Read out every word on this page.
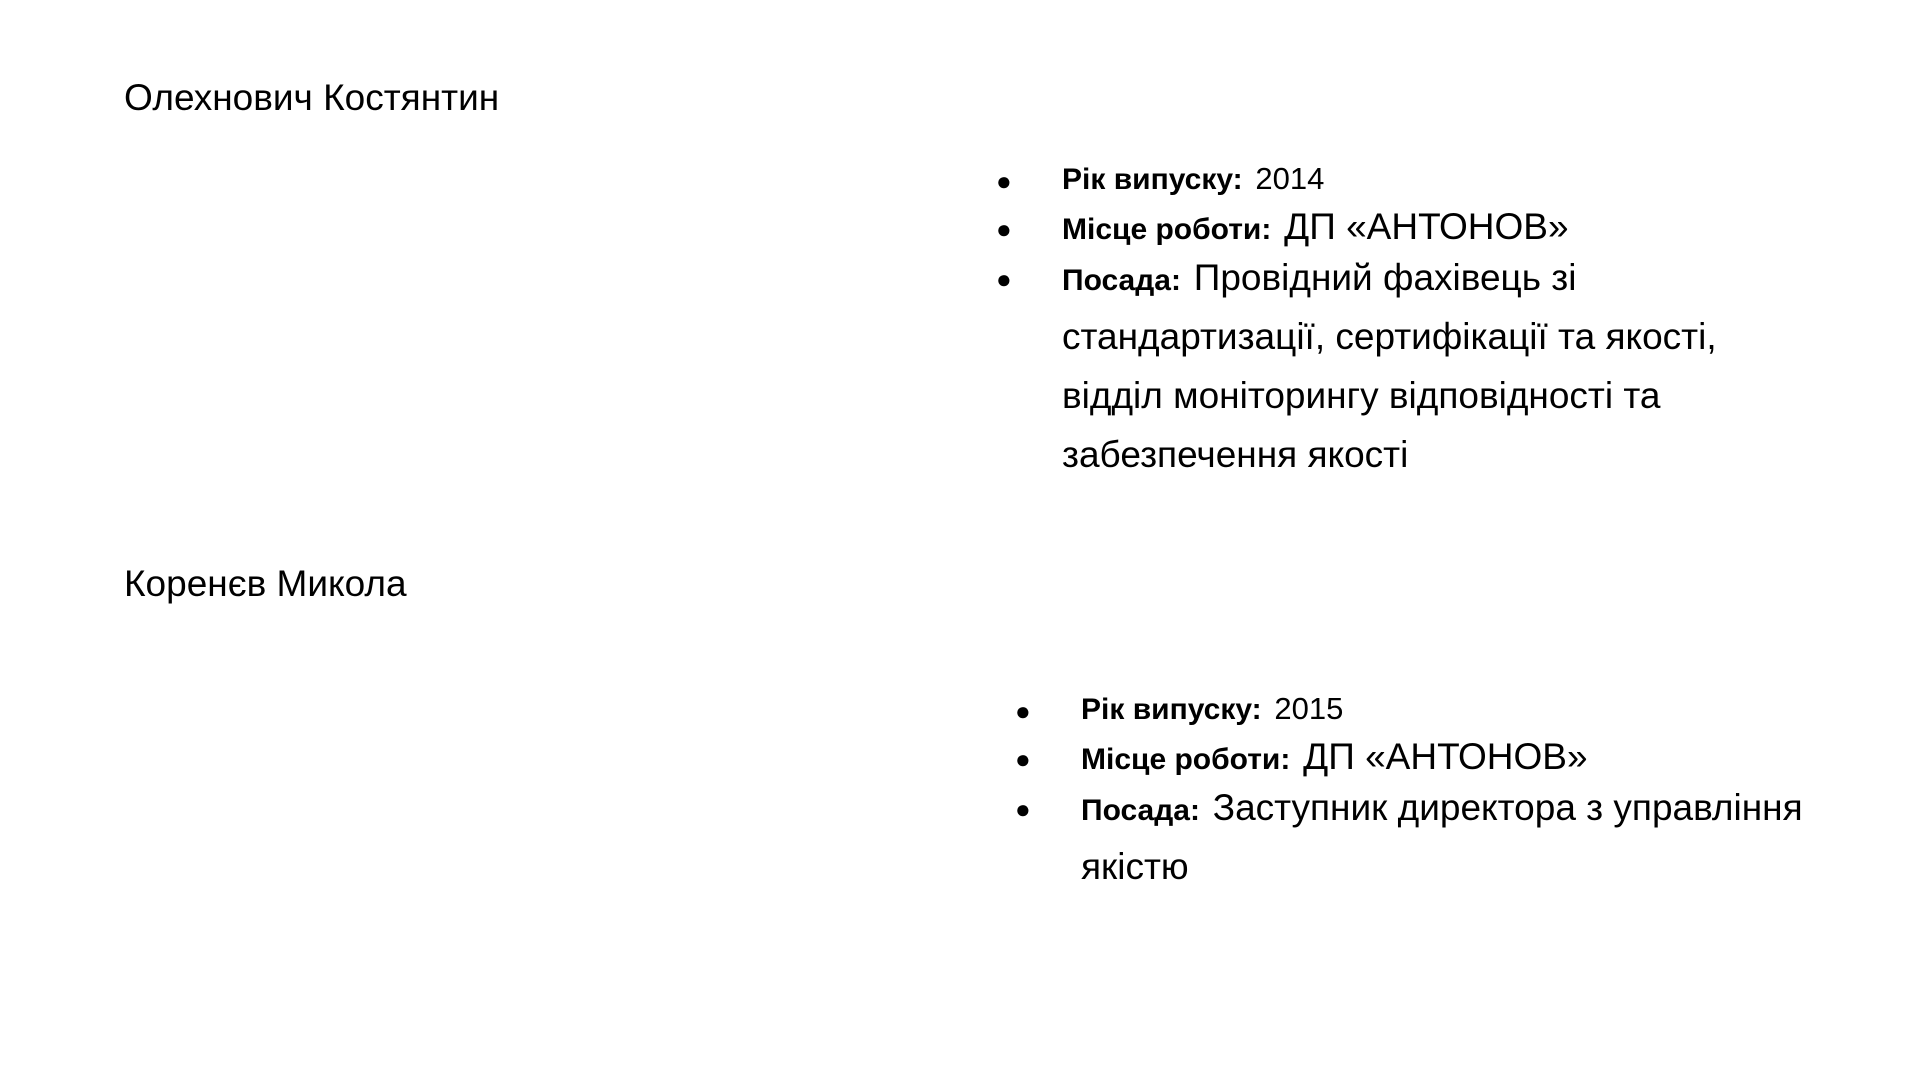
Олехнович Костянтин
● Рік випуску:  2014
● Місце роботи:  ДП «АНТОНОВ»
● Посада:  Провідний фахівець зі стандартизації, сертифікації та якості, відділ моніторингу відповідності та забезпечення якості
Коренєв Микола
● Рік випуску:  2015
● Місце роботи:  ДП «АНТОНОВ»
● Посада:  Заступник директора з управління якістю
